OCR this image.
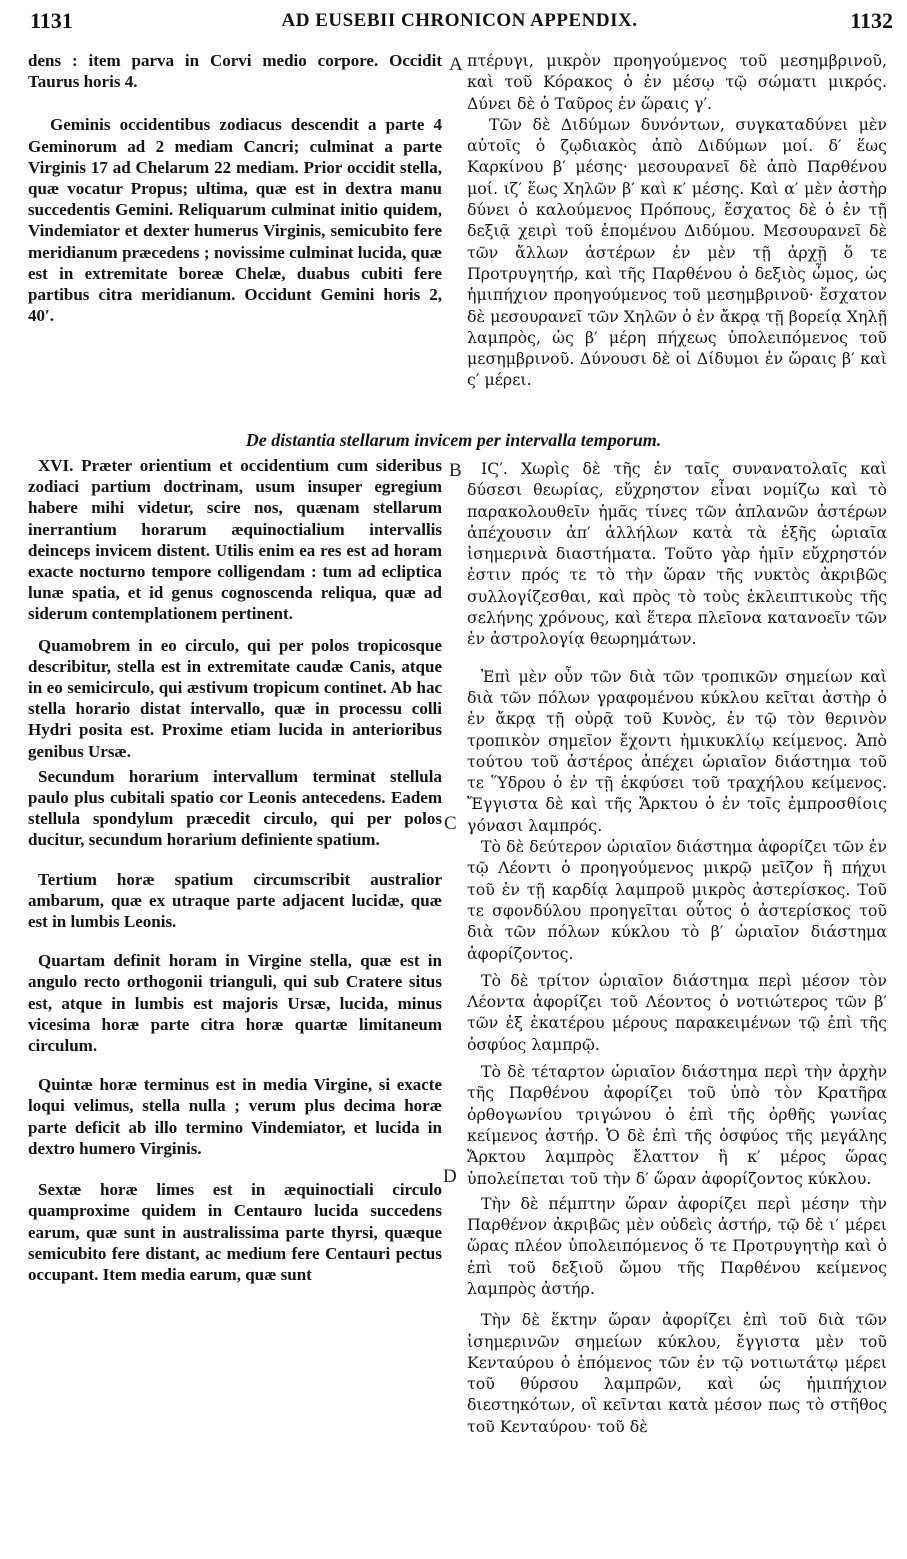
1131	AD EUSEBII CHRONICON APPENDIX.	1132

dens : item parva in Corvi medio corpore. Occidit Taurus horis 4.

Geminis occidentibus zodiacus descendit a parte 4 Geminorum ad 2 mediam Cancri; culminat a parte Virginis 17 ad Chelarum 22 mediam. Prior occidit stella, quæ vocatur Propus; ultima, quæ est in dextra manu succedentis Gemini. Reliquarum culminat initio quidem, Vindemiator et dexter humerus Virginis, semicubito fere meridianum præcedens ; novissime culminat lucida, quæ est in extremitate boreæ Chelæ, duabus cubiti fere partibus citra meridianum. Occidunt Gemini horis 2, 40′.

πτέρυγι, μικρὸν προηγούμενος τοῦ μεσημβρινοῦ, καὶ τοῦ Κόρακος ὁ ἐν μέσῳ τῷ σώματι μικρός. Δύνει δὲ ὁ Ταῦρος ἐν ὥραις γ′.

Τῶν δὲ Διδύμων δυνόντων, συγκαταδύνει μὲν αὐτοῖς ὁ ζῳδιακὸς ἀπὸ Διδύμων μοί. δ′ ἕως Καρκίνου β′ μέσης· μεσουρανεῖ δὲ ἀπὸ Παρθένου μοί. ιζ′ ἕως Χηλῶν β′ καὶ κ′ μέσης. Καὶ α′ μὲν ἀστὴρ δύνει ὁ καλούμενος Πρόπους, ἔσχατος δὲ ὁ ἐν τῇ δεξιᾷ χειρὶ τοῦ ἑπομένου Διδύμου. Μεσουρανεῖ δὲ τῶν ἄλλων ἀστέρων ἐν μὲν τῇ ἀρχῇ ὅ τε Προτρυγητήρ, καὶ τῆς Παρθένου ὁ δεξιὸς ὦμος, ὡς ἡμιπήχιον προηγούμενος τοῦ μεσημβρινοῦ· ἔσχατον δὲ μεσουρανεῖ τῶν Χηλῶν ὁ ἐν ἄκρᾳ τῇ βορείᾳ Χηλῇ λαμπρὸς, ὡς β′ μέρη πήχεως ὑπολειπόμενος τοῦ μεσημβρινοῦ. Δύνουσι δὲ οἱ Δίδυμοι ἐν ὥραις β′ καὶ ς′ μέρει.

De distantia stellarum invicem per intervalla temporum.

XVI. Præter orientium et occidentium cum sideribus zodiaci partium doctrinam, usum insuper egregium habere mihi videtur, scire nos, quænam stellarum inerrantium horarum æquinoctialium intervallis deinceps invicem distent. Utilis enim ea res est ad horam exacte nocturno tempore colligendam : tum ad ecliptica lunæ spatia, et id genus cognoscenda reliqua, quæ ad siderum contemplationem pertinent.

Quamobrem in eo circulo, qui per polos tropicosque describitur, stella est in extremitate caudæ Canis, atque in eo semicirculo, qui æstivum tropicum continet. Ab hac stella horario distat intervallo, quæ in processu colli Hydri posita est. Proxime etiam lucida in anterioribus genibus Ursæ.

Secundum horarium intervallum terminat stellula paulo plus cubitali spatio cor Leonis antecedens. Eadem stellula spondylum præcedit circulo, qui per polos ducitur, secundum horarium definiente spatium.

Tertium horæ spatium circumscribit australior ambarum, quæ ex utraque parte adjacent lucidæ, quæ est in lumbis Leonis.

Quartam definit horam in Virgine stella, quæ est in angulo recto orthogonii trianguli, qui sub Cratere situs est, atque in lumbis est majoris Ursæ, lucida, minus vicesima horæ parte citra horæ quartæ limitaneum circulum.

Quintæ horæ terminus est in media Virgine, si exacte loqui velimus, stella nulla ; verum plus decima horæ parte deficit ab illo termino Vindemiator, et lucida in dextro humero Virginis.

Sextæ horæ limes est in æquinoctiali circulo quamproxime quidem in Centauro lucida succedens earum, quæ sunt in australissima parte thyrsi, quæque semicubito fere distant, ac medium fere Centauri pectus occupant. Item media earum, quæ sunt

ΙϚ′. Χωρὶς δὲ τῆς ἐν ταῖς συνανατολαῖς καὶ δύσεσι θεωρίας, εὔχρηστον εἶναι νομίζω καὶ τὸ παρακολουθεῖν ἡμᾶς τίνες τῶν ἀπλανῶν ἀστέρων ἀπέχουσιν ἀπ′ ἀλλήλων κατὰ τὰ ἑξῆς ὡριαῖα ἰσημερινὰ διαστήματα. Τοῦτο γὰρ ἡμῖν εὔχρηστόν ἐστιν πρός τε τὸ τὴν ὥραν τῆς νυκτὸς ἀκριβῶς συλλογίζεσθαι, καὶ πρὸς τὸ τοὺς ἐκλειπτικοὺς τῆς σελήνης χρόνους, καὶ ἕτερα πλεῖονα κατανοεῖν τῶν ἐν ἀστρολογίᾳ θεωρημάτων.

Ἐπὶ μὲν οὖν τῶν διὰ τῶν τροπικῶν σημείων καὶ διὰ τῶν πόλων γραφομένου κύκλου κεῖται ἀστὴρ ὁ ἐν ἄκρᾳ τῇ οὐρᾷ τοῦ Κυνὸς, ἐν τῷ τὸν θερινὸν τροπικὸν σημεῖον ἔχοντι ἡμικυκλίῳ κείμενος. Ἀπὸ τούτου τοῦ ἀστέρος ἀπέχει ὡριαῖον διάστημα τοῦ τε Ὕδρου ὁ ἐν τῇ ἐκφύσει τοῦ τραχήλου κείμενος. Ἔγγιστα δὲ καὶ τῆς Ἄρκτου ὁ ἐν τοῖς ἐμπροσθίοις γόνασι λαμπρός.

Τὸ δὲ δεύτερον ὡριαῖον διάστημα ἀφορίζει τῶν ἐν τῷ Λέοντι ὁ προηγούμενος μικρῷ μεῖζον ἢ πήχυι τοῦ ἐν τῇ καρδίᾳ λαμπροῦ μικρὸς ἀστερίσκος. Τοῦ τε σφονδύλου προηγεῖται οὗτος ὁ ἀστερίσκος τοῦ διὰ τῶν πόλων κύκλου τὸ β′ ὡριαῖον διάστημα ἀφορίζοντος.

Τὸ δὲ τρίτον ὡριαῖον διάστημα περὶ μέσον τὸν Λέοντα ἀφορίζει τοῦ Λέοντος ὁ νοτιώτερος τῶν β′ τῶν ἐξ ἑκατέρου μέρους παρακειμένων τῷ ἐπὶ τῆς ὀσφύος λαμπρῷ.

Τὸ δὲ τέταρτον ὡριαῖον διάστημα περὶ τὴν ἀρχὴν τῆς Παρθένου ἀφορίζει τοῦ ὑπὸ τὸν Κρατῆρα ὀρθογωνίου τριγώνου ὁ ἐπὶ τῆς ὀρθῆς γωνίας κείμενος ἀστήρ. Ὁ δὲ ἐπὶ τῆς ὀσφύος τῆς μεγάλης Ἄρκτου λαμπρὸς ἔλαττον ἢ κ′ μέρος ὥρας ὑπολείπεται τοῦ τὴν δ′ ὥραν ἀφορίζοντος κύκλου.

Τὴν δὲ πέμπτην ὥραν ἀφορίζει περὶ μέσην τὴν Παρθένον ἀκριβῶς μὲν οὐδεὶς ἀστήρ, τῷ δὲ ι′ μέρει ὥρας πλέον ὑπολειπόμενος ὅ τε Προτρυγητὴρ καὶ ὁ ἐπὶ τοῦ δεξιοῦ ὤμου τῆς Παρθένου κείμενος λαμπρὸς ἀστήρ.

Τὴν δὲ ἕκτην ὥραν ἀφορίζει ἐπὶ τοῦ διὰ τῶν ἰσημερινῶν σημείων κύκλου, ἔγγιστα μὲν τοῦ Κενταύρου ὁ ἑπόμενος τῶν ἐν τῷ νοτιωτάτῳ μέρει τοῦ θύρσου λαμπρῶν, καὶ ὡς ἡμιπήχιον διεστηκότων, οἳ κεῖνται κατὰ μέσον πως τὸ στῆθος τοῦ Κενταύρου· τοῦ δὲ

A
B
C
D
